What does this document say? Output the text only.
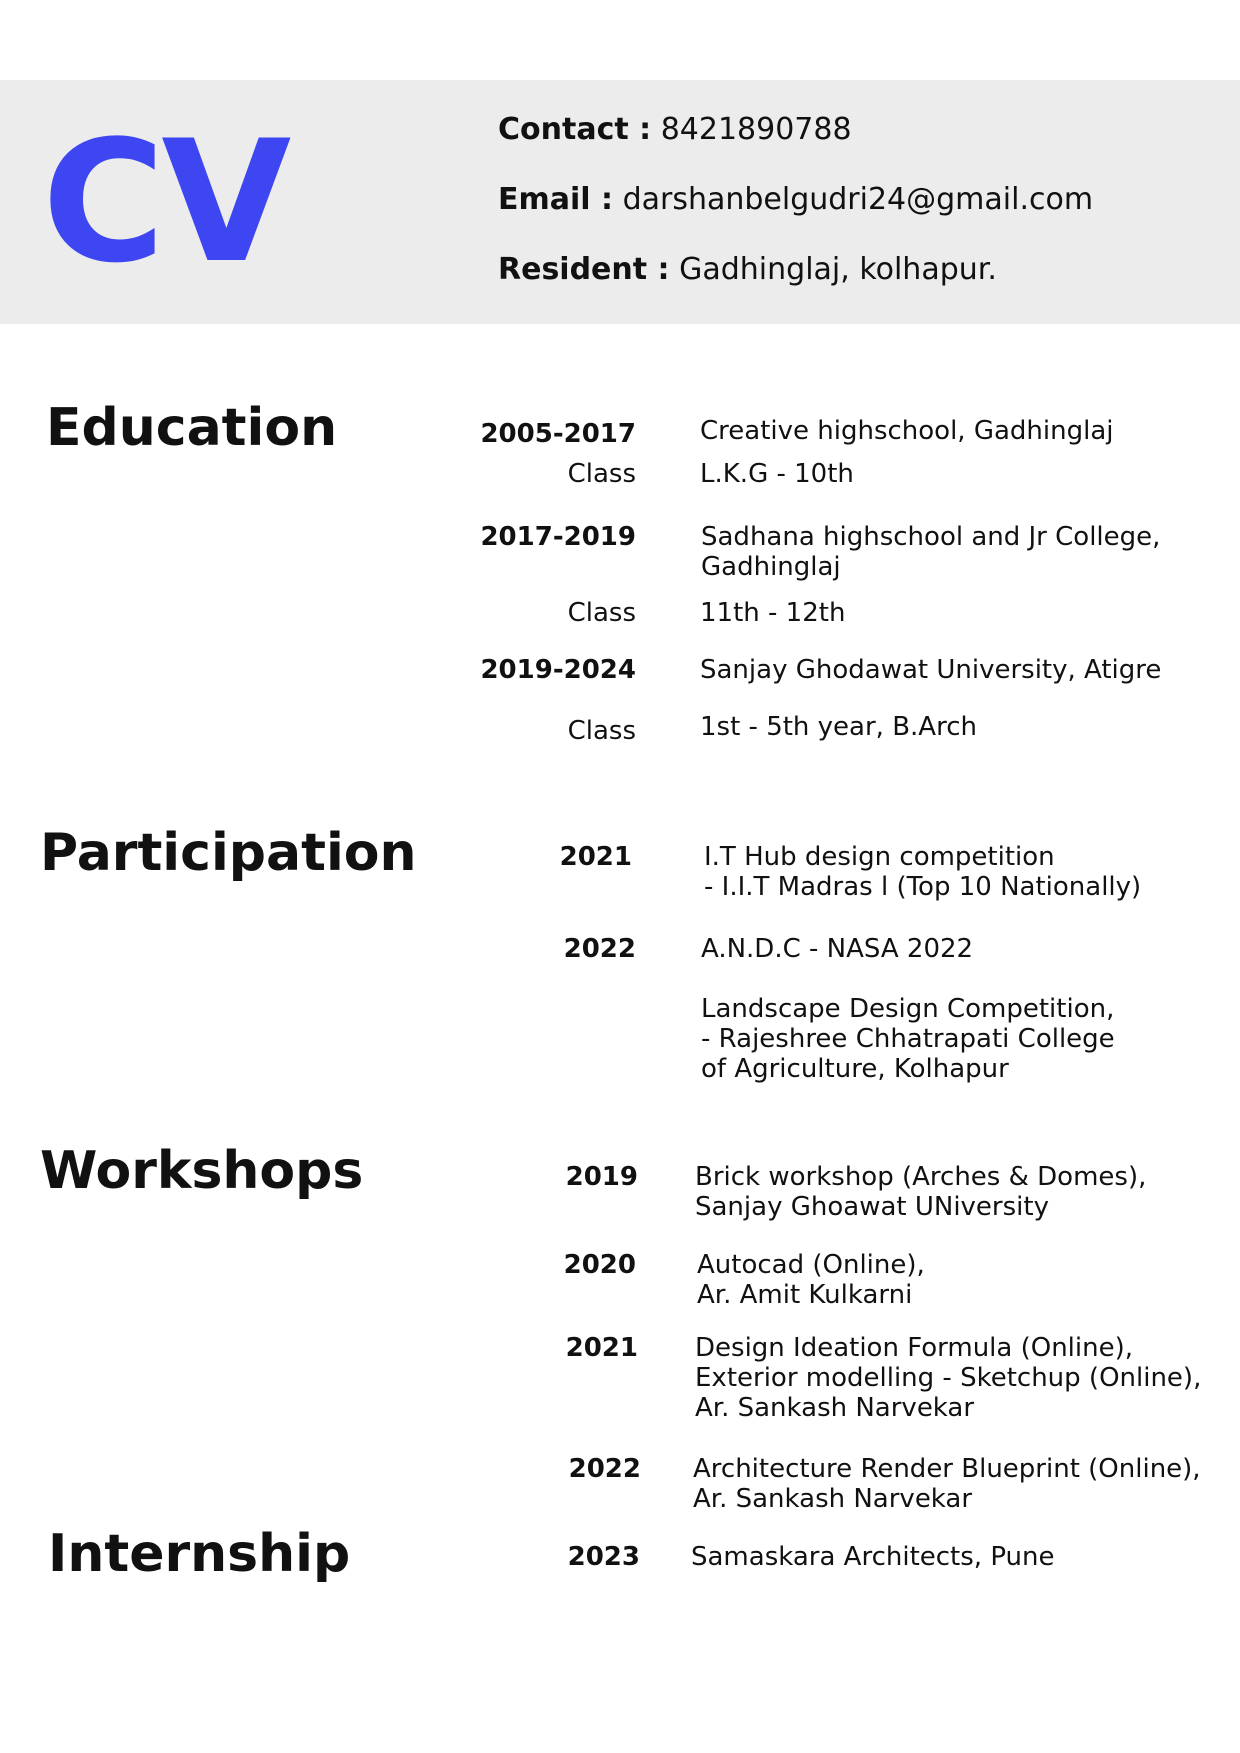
CV	Contact : 8421890788
Email : darshanbelgudri24@gmail.com
Resident : Gadhinglaj, kolhapur.
Education	2005-2017 Creative highschool, Gadhinglaj
Class L.K.G - 10th
2017-2019	Sadhana highschool and Jr College,
Gadhinglaj
Class 11th - 12th
2019-2024 Sanjay Ghodawat University, Atigre
Class 1st - 5th year, B.Arch
Participation	2021	I.T Hub design competition
- I.I.T Madras l (Top 10 Nationally)
2022	A.N.D.C - NASA 2022
Landscape Design Competition,
- Rajeshree Chhatrapati College
of Agriculture, Kolhapur
Workshops	2019 Brick workshop (Arches & Domes),
Sanjay Ghoawat UNiversity
2020 Autocad (Online),
Ar. Amit Kulkarni
2021 Design Ideation Formula (Online),
Exterior modelling - Sketchup (Online),
Ar. Sankash Narvekar
2022 Architecture Render Blueprint (Online),
Ar. Sankash Narvekar
Internship	2023 Samaskara Architects, Pune
